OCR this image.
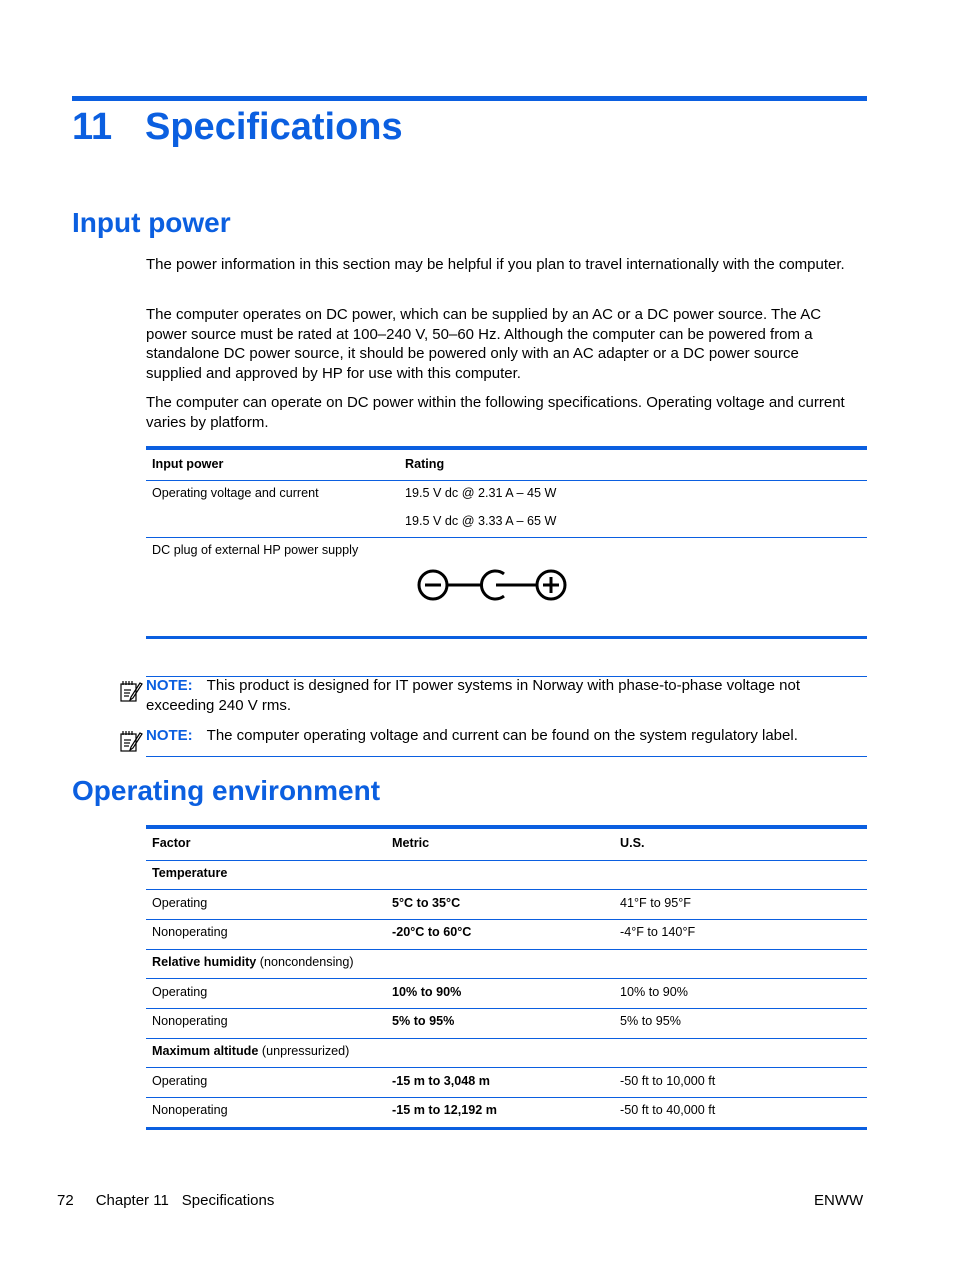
11 Specifications
Input power
The power information in this section may be helpful if you plan to travel internationally with the computer.
The computer operates on DC power, which can be supplied by an AC or a DC power source. The AC power source must be rated at 100–240 V, 50–60 Hz. Although the computer can be powered from a standalone DC power source, it should be powered only with an AC adapter or a DC power source supplied and approved by HP for use with this computer.
The computer can operate on DC power within the following specifications. Operating voltage and current varies by platform.
Input power	Rating
Operating voltage and current	19.5 V dc @ 2.31 A – 45 W
19.5 V dc @ 3.33 A – 65 W
DC plug of external HP power supply
NOTE: This product is designed for IT power systems in Norway with phase-to-phase voltage not exceeding 240 V rms.
NOTE: The computer operating voltage and current can be found on the system regulatory label.
Operating environment
Factor	Metric	U.S.
Temperature
Operating	5°C to 35°C	41°F to 95°F
Nonoperating	-20°C to 60°C	-4°F to 140°F
Relative humidity (noncondensing)
Operating	10% to 90%	10% to 90%
Nonoperating	5% to 95%	5% to 95%
Maximum altitude (unpressurized)
Operating	-15 m to 3,048 m	-50 ft to 10,000 ft
Nonoperating	-15 m to 12,192 m	-50 ft to 40,000 ft
72 Chapter 11 Specifications	ENWW
